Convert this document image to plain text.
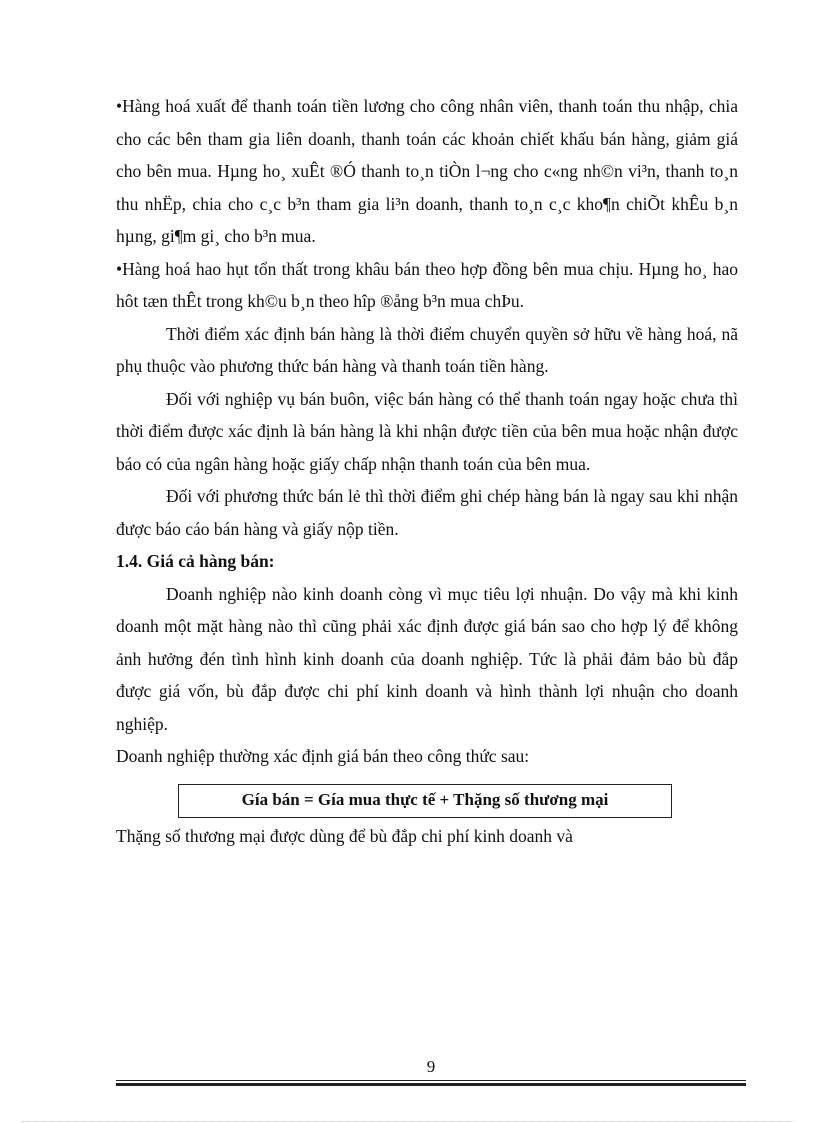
•Hàng hoá xuất để thanh toán tiền lương cho công nhân viên, thanh toán thu nhập, chia cho các bên tham gia liên doanh, thanh toán các khoản chiết khấu bán hàng, giảm giá cho bên mua. Hµng ho¸ xuÊt ®Ó thanh to¸n tiÒn l¬ng cho c«ng nh©n vi³n, thanh to¸n thu nhËp, chia cho c¸c b³n tham gia li³n doanh, thanh to¸n c¸c kho¶n chiÕt khÊu b¸n hµng, gi¶m gi¸ cho b³n mua.

•Hàng hoá hao hụt tổn thất trong khâu bán theo hợp đồng bên mua chịu. Hµng ho¸ hao hôt tæn thÊt trong kh©u b¸n theo hîp ®ång b³n mua chÞu.

Thời điểm xác định bán hàng là thời điểm chuyển quyền sở hữu về hàng hoá, nã phụ thuộc vào phương thức bán hàng và thanh toán tiền hàng.

Đối với nghiệp vụ bán buôn, việc bán hàng có thể thanh toán ngay hoặc chưa thì thời điểm được xác định là bán hàng là khi nhận được tiền của bên mua hoặc nhận được báo có của ngân hàng hoặc giấy chấp nhận thanh toán của bên mua.

Đối với phương thức bán lẻ thì thời điểm ghi chép hàng bán là ngay sau khi nhận được báo cáo bán hàng và giấy nộp tiền.

1.4. Giá cả hàng bán:

Doanh nghiệp nào kinh doanh còng vì mục tiêu lợi nhuận. Do vậy mà khi kinh doanh một mặt hàng nào thì cũng phải xác định được giá bán sao cho hợp lý để không ảnh hưởng đén tình hình kinh doanh của doanh nghiệp. Tức là phải đảm bảo bù đắp được giá vốn, bù đắp được chi phí kinh doanh và hình thành lợi nhuận cho doanh nghiệp.

Doanh nghiệp thường xác định giá bán theo công thức sau:

Gía bán = Gía mua thực tế + Thặng số thương mại

Thặng số thương mại được dùng để bù đắp chi phí kinh doanh và

9
